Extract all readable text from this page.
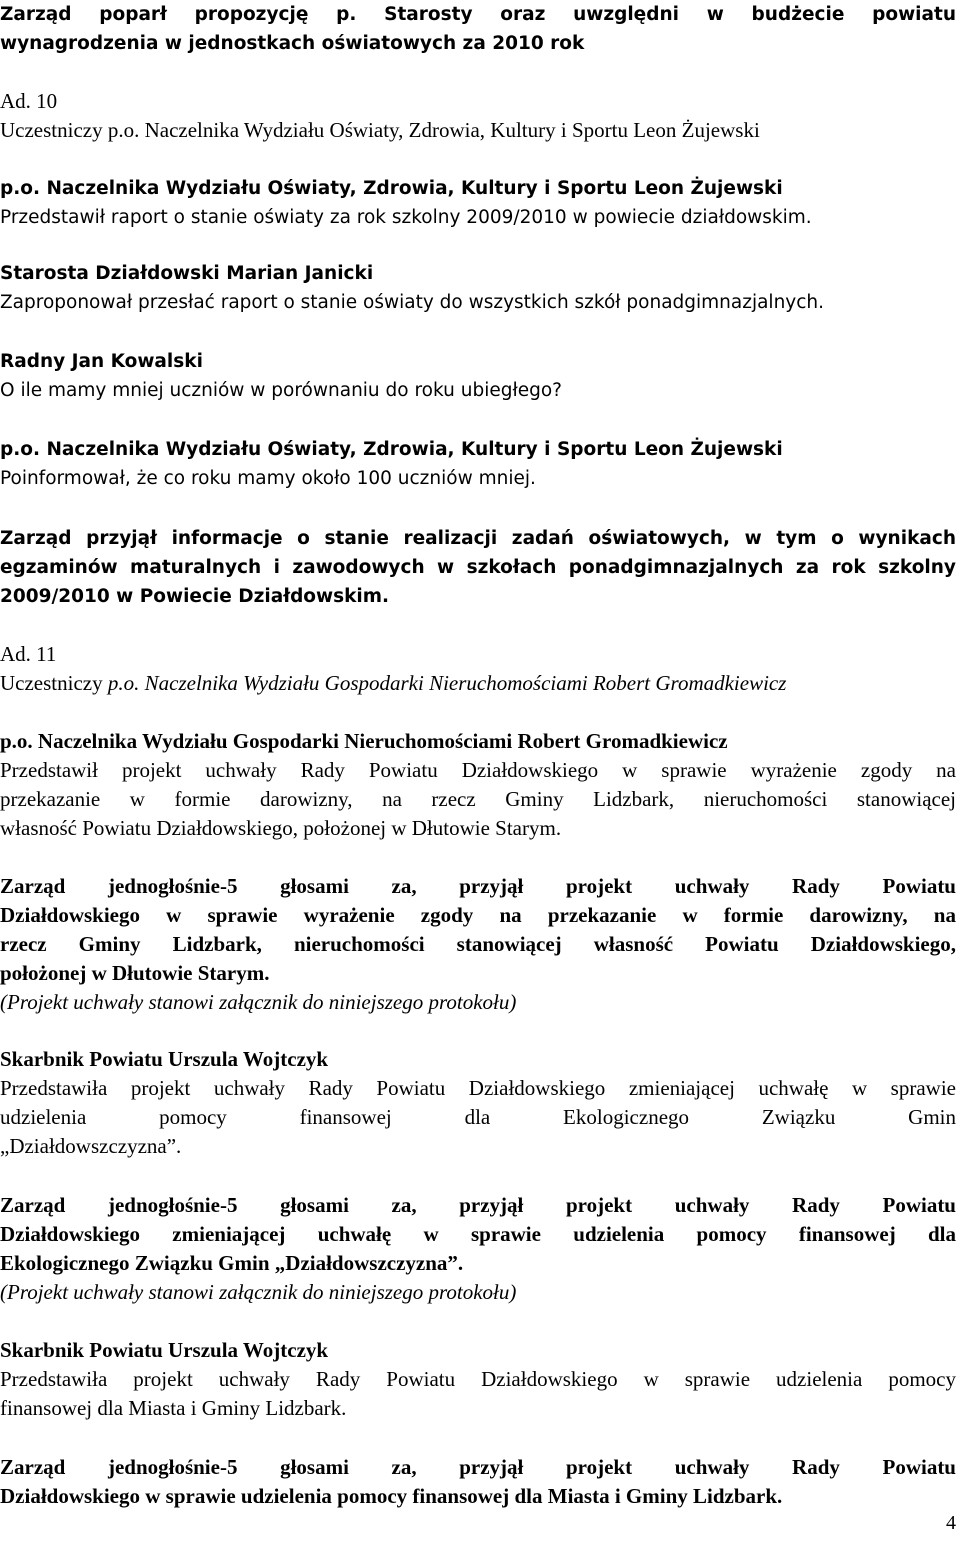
Zarząd poparł propozycję p. Starosty oraz uwzględni w budżecie powiatu
wynagrodzenia w jednostkach oświatowych za 2010 rok

Ad. 10
Uczestniczy p.o. Naczelnika Wydziału Oświaty, Zdrowia, Kultury i Sportu Leon Żujewski

p.o. Naczelnika Wydziału Oświaty, Zdrowia, Kultury i Sportu Leon Żujewski
Przedstawił raport o stanie oświaty za rok szkolny 2009/2010 w powiecie działdowskim.

Starosta Działdowski Marian Janicki
Zaproponował przesłać raport o stanie oświaty do wszystkich szkół ponadgimnazjalnych.

Radny Jan Kowalski
O ile mamy mniej uczniów w porównaniu do roku ubiegłego?

p.o. Naczelnika Wydziału Oświaty, Zdrowia, Kultury i Sportu Leon Żujewski
Poinformował, że co roku mamy około 100 uczniów mniej.

Zarząd przyjął informacje o stanie realizacji zadań oświatowych, w tym o wynikach
egzaminów maturalnych i zawodowych w szkołach ponadgimnazjalnych za rok szkolny
2009/2010 w Powiecie Działdowskim.

Ad. 11
Uczestniczy p.o. Naczelnika Wydziału Gospodarki Nieruchomościami Robert Gromadkiewicz

p.o. Naczelnika Wydziału Gospodarki Nieruchomościami Robert Gromadkiewicz
Przedstawił projekt uchwały Rady Powiatu Działdowskiego w sprawie wyrażenie zgody na
przekazanie w formie darowizny, na rzecz Gminy Lidzbark, nieruchomości stanowiącej
własność Powiatu Działdowskiego, położonej w Dłutowie Starym.

Zarząd jednogłośnie-5 głosami za, przyjął projekt uchwały Rady Powiatu
Działdowskiego w sprawie wyrażenie zgody na przekazanie w formie darowizny, na
rzecz Gminy Lidzbark, nieruchomości stanowiącej własność Powiatu Działdowskiego,
położonej w Dłutowie Starym.
(Projekt uchwały stanowi załącznik do niniejszego protokołu)

Skarbnik Powiatu Urszula Wojtczyk
Przedstawiła projekt uchwały Rady Powiatu Działdowskiego zmieniającej uchwałę w sprawie
udzielenia pomocy finansowej dla Ekologicznego Związku Gmin
„Działdowszczyzna”.

Zarząd jednogłośnie-5 głosami za, przyjął projekt uchwały Rady Powiatu
Działdowskiego zmieniającej uchwałę w sprawie udzielenia pomocy finansowej dla
Ekologicznego Związku Gmin „Działdowszczyzna”.
(Projekt uchwały stanowi załącznik do niniejszego protokołu)

Skarbnik Powiatu Urszula Wojtczyk
Przedstawiła projekt uchwały Rady Powiatu Działdowskiego w sprawie udzielenia pomocy
finansowej dla Miasta i Gminy Lidzbark.

Zarząd jednogłośnie-5 głosami za, przyjął projekt uchwały Rady Powiatu
Działdowskiego w sprawie udzielenia pomocy finansowej dla Miasta i Gminy Lidzbark.

4
